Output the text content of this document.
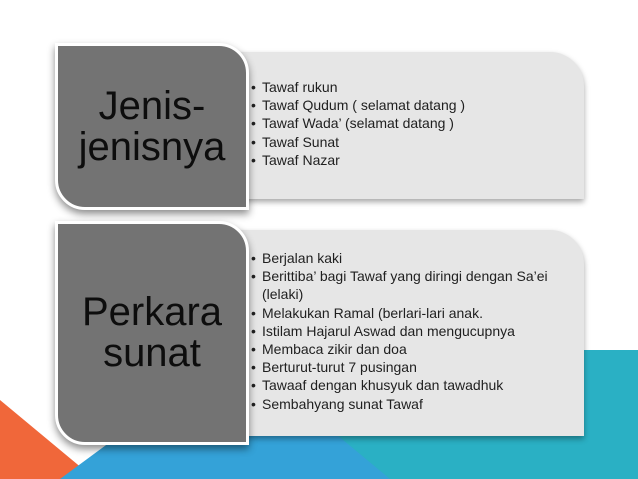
Jenis-
jenisnya
• Tawaf rukun
• Tawaf Qudum ( selamat datang )
• Tawaf Wada’ (selamat datang )
• Tawaf Sunat
• Tawaf Nazar
Perkara
sunat
• Berjalan kaki
• Berittiba’ bagi Tawaf yang diringi dengan Sa’ei (lelaki)
• Melakukan Ramal (berlari-lari anak.
• Istilam Hajarul Aswad dan mengucupnya
• Membaca zikir dan doa
• Berturut-turut 7 pusingan
• Tawaaf dengan khusyuk dan tawadhuk
• Sembahyang sunat Tawaf
